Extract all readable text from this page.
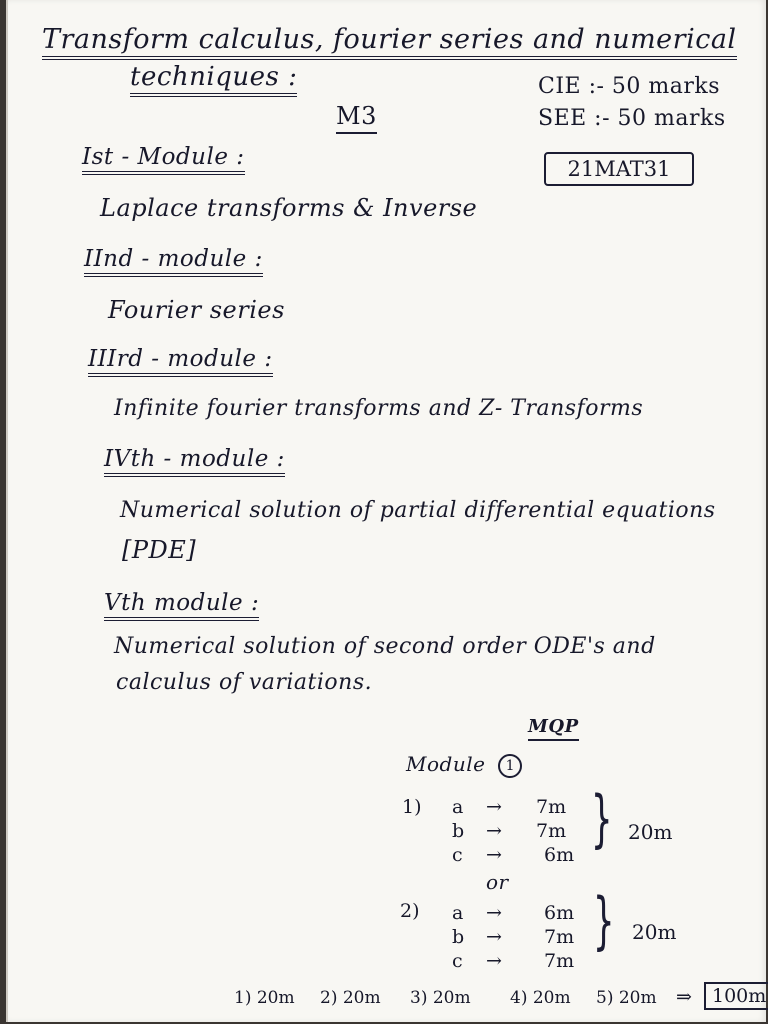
Transform calculus, fourier series and numerical
techniques :	CIE :- 50 marks
SEE :- 50 marks
M3
21MAT31
Ist - Module :
Laplace transforms & Inverse
IInd - module :
Fourier series
IIIrd - module :
Infinite fourier transforms and Z- Transforms
IVth - module :
Numerical solution of partial differential equations
[PDE]
Vth module :
Numerical solution of second order ODE's and
calculus of variations.
MQP
Module 1
1) a → 7m
b → 7m
c → 6m } 20m
or
2) a → 6m
b → 7m
c → 7m
} 20m
1) 20m 2) 20m 3) 20m 4) 20m 5) 20m ⇒	100m
